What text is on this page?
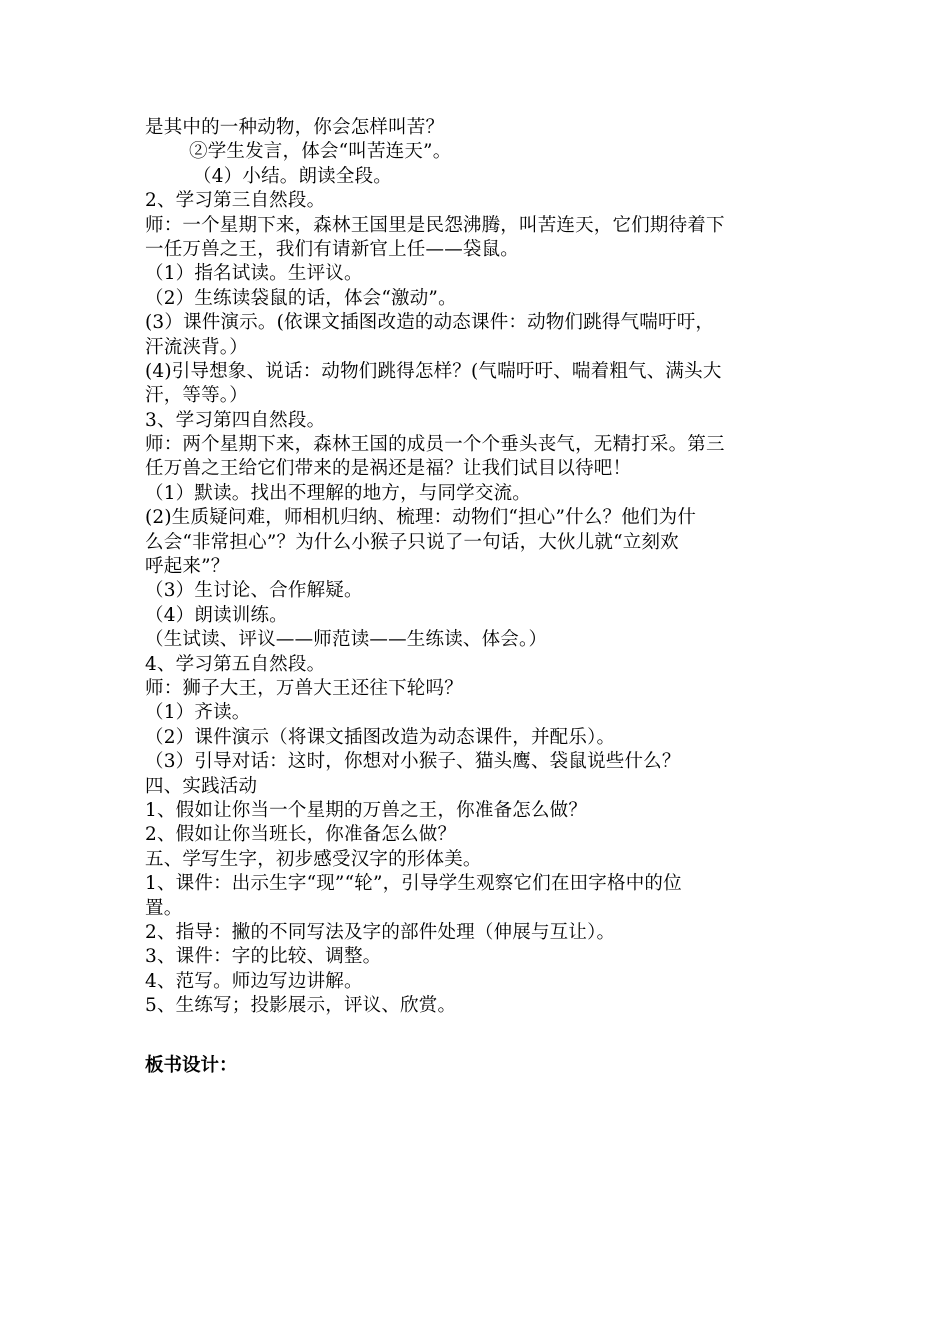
是其中的一种动物，你会怎样叫苦？
②学生发言，体会“叫苦连天”。
（4）小结。朗读全段。
2、学习第三自然段。
师：一个星期下来，森林王国里是民怨沸腾，叫苦连天，它们期待着下
一任万兽之王，我们有请新官上任——袋鼠。
（1）指名试读。生评议。
（2）生练读袋鼠的话，体会“激动”。
(3）课件演示。(依课文插图改造的动态课件：动物们跳得气喘吁吁，
汗流浃背。）
(4)引导想象、说话：动物们跳得怎样？(气喘吁吁、喘着粗气、满头大
汗，等等。）
3、学习第四自然段。
师：两个星期下来，森林王国的成员一个个垂头丧气，无精打采。第三
任万兽之王给它们带来的是祸还是福？让我们试目以待吧！
（1）默读。找出不理解的地方，与同学交流。
(2)生质疑问难，师相机归纳、梳理：动物们“担心”什么？他们为什
么会“非常担心”？为什么小猴子只说了一句话，大伙儿就“立刻欢
呼起来”？
（3）生讨论、合作解疑。
（4）朗读训练。
（生试读、评议——师范读——生练读、体会。）
4、学习第五自然段。
师：狮子大王，万兽大王还往下轮吗？
（1）齐读。
（2）课件演示（将课文插图改造为动态课件，并配乐）。
（3）引导对话：这时，你想对小猴子、猫头鹰、袋鼠说些什么？
四、实践活动
1、假如让你当一个星期的万兽之王，你准备怎么做？
2、假如让你当班长，你准备怎么做？
五、学写生字，初步感受汉字的形体美。
1、课件：出示生字“现”“轮”，引导学生观察它们在田字格中的位
置。
2、指导：撇的不同写法及字的部件处理（伸展与互让）。
3、课件：字的比较、调整。
4、范写。师边写边讲解。
5、生练写；投影展示，评议、欣赏。
板书设计：
